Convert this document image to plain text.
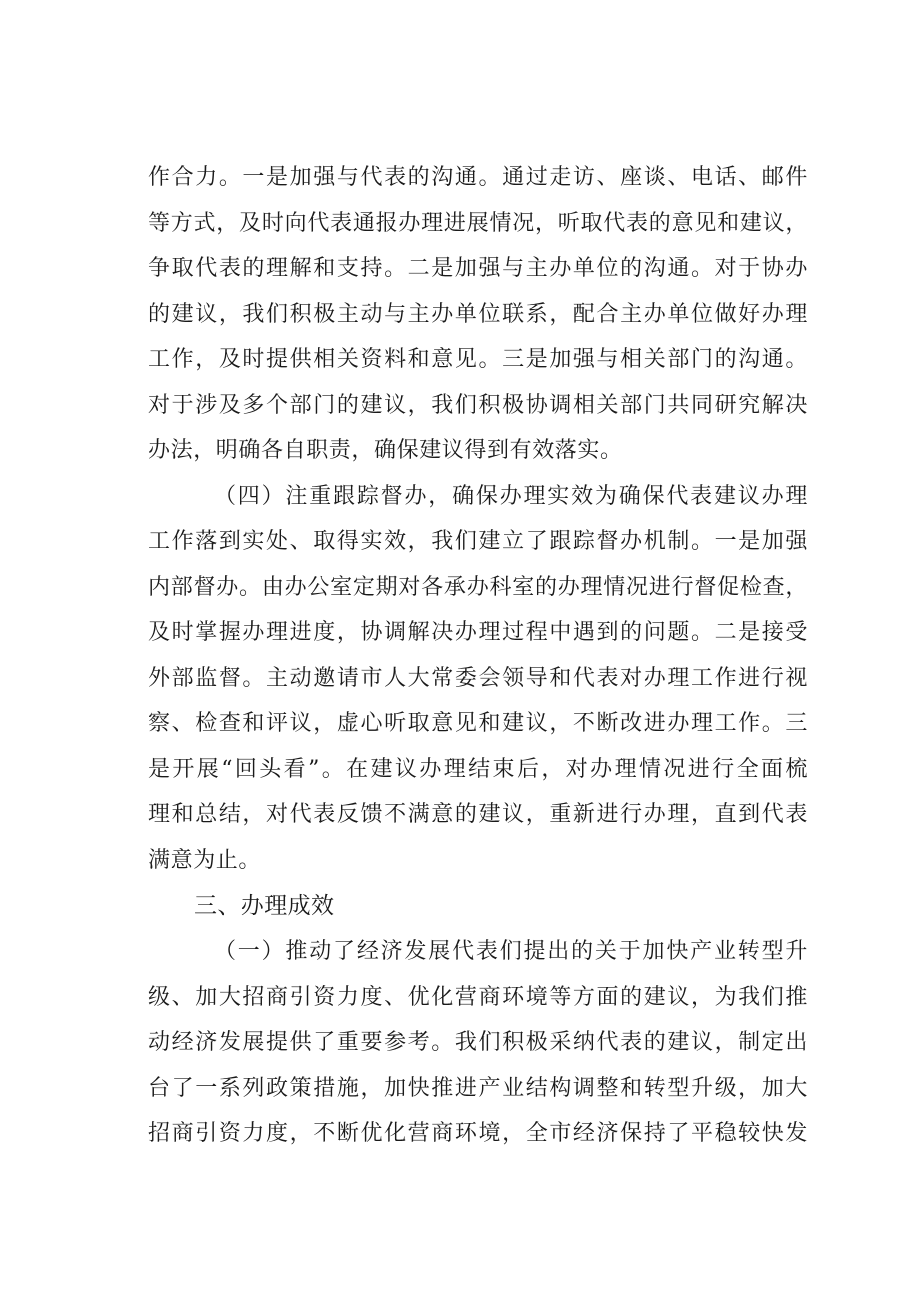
作合力。一是加强与代表的沟通。通过走访、座谈、电话、邮件
等方式，及时向代表通报办理进展情况，听取代表的意见和建议，
争取代表的理解和支持。二是加强与主办单位的沟通。对于协办
的建议，我们积极主动与主办单位联系，配合主办单位做好办理
工作，及时提供相关资料和意见。三是加强与相关部门的沟通。
对于涉及多个部门的建议，我们积极协调相关部门共同研究解决
办法，明确各自职责，确保建议得到有效落实。
（四）注重跟踪督办，确保办理实效为确保代表建议办理
工作落到实处、取得实效，我们建立了跟踪督办机制。一是加强
内部督办。由办公室定期对各承办科室的办理情况进行督促检查，
及时掌握办理进度，协调解决办理过程中遇到的问题。二是接受
外部监督。主动邀请市人大常委会领导和代表对办理工作进行视
察、检查和评议，虚心听取意见和建议，不断改进办理工作。三
是开展“回头看”。在建议办理结束后，对办理情况进行全面梳
理和总结，对代表反馈不满意的建议，重新进行办理，直到代表
满意为止。
三、办理成效
（一）推动了经济发展代表们提出的关于加快产业转型升
级、加大招商引资力度、优化营商环境等方面的建议，为我们推
动经济发展提供了重要参考。我们积极采纳代表的建议，制定出
台了一系列政策措施，加快推进产业结构调整和转型升级，加大
招商引资力度，不断优化营商环境，全市经济保持了平稳较快发
